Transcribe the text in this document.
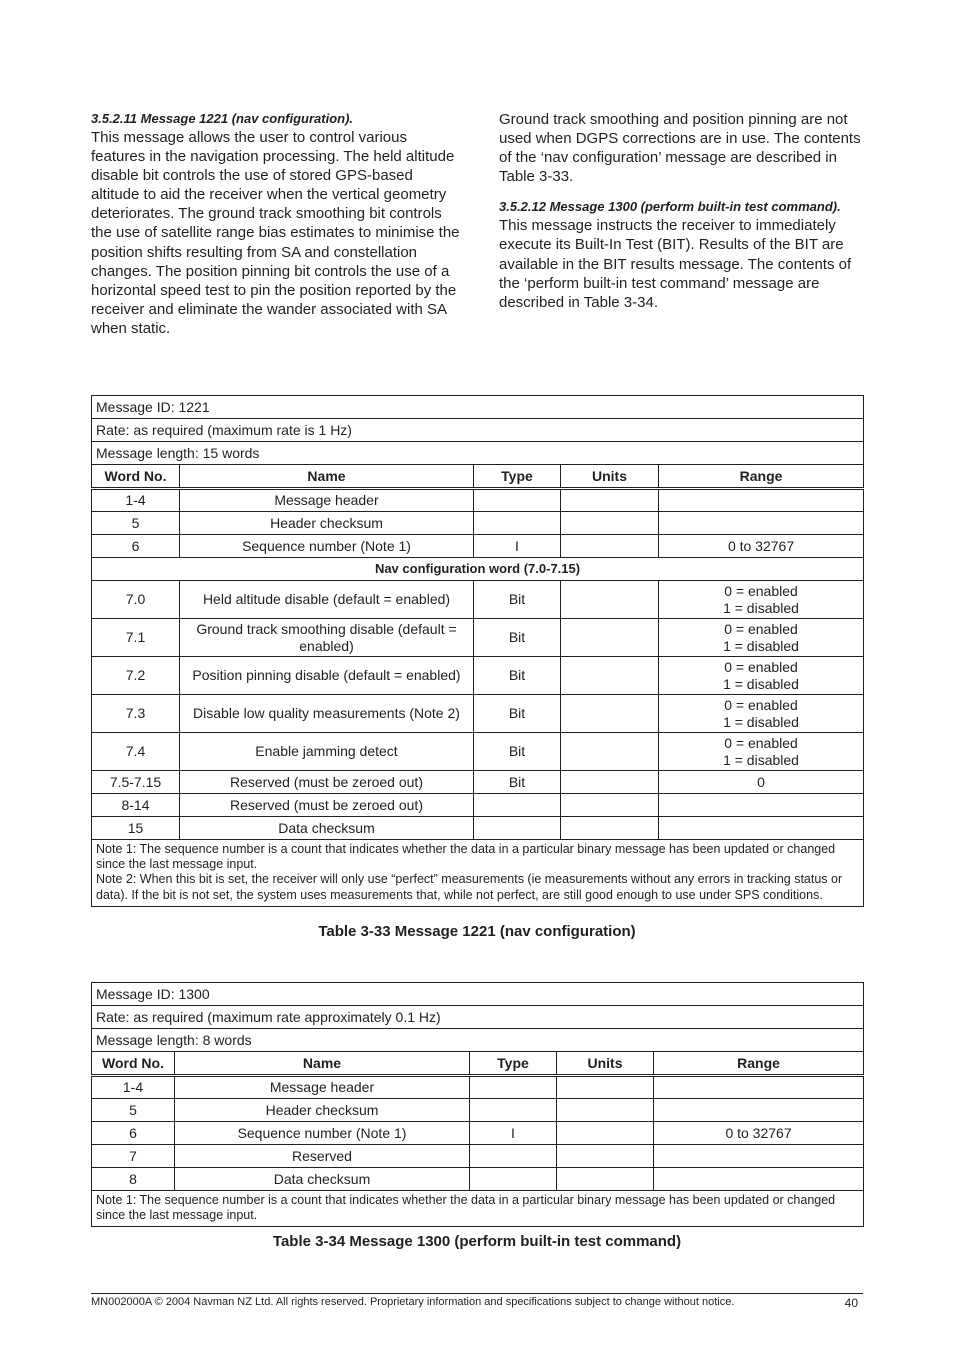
3.5.2.11 Message 1221 (nav configuration).

This message allows the user to control various features in the navigation processing. The held altitude disable bit controls the use of stored GPS-based altitude to aid the receiver when the vertical geometry deteriorates. The ground track smoothing bit controls the use of satellite range bias estimates to minimise the position shifts resulting from SA and constellation changes. The position pinning bit controls the use of a horizontal speed test to pin the position reported by the receiver and eliminate the wander associated with SA when static.

Ground track smoothing and position pinning are not used when DGPS corrections are in use. The contents of the ‘nav configuration’ message are described in Table 3-33.

3.5.2.12 Message 1300 (perform built-in test command).

This message instructs the receiver to immediately execute its Built-In Test (BIT). Results of the BIT are available in the BIT results message. The contents of the ‘perform built-in test command’ message are described in Table 3-34.

Message ID: 1221				
Rate: as required (maximum rate is 1 Hz)				
Message length: 15 words				
Word No.	Name	Type	Units	Range
1-4	Message header			
5	Header checksum			
6	Sequence number (Note 1)	I		0 to 32767
Nav configuration word (7.0-7.15)				
7.0	Held altitude disable (default = enabled)	Bit		0 = enabled
1 = disabled

7.1	Ground track smoothing disable (default = enabled)	Bit		0 = enabled
1 = disabled

7.2	Position pinning disable (default = enabled)	Bit		0 = enabled
1 = disabled

7.3	Disable low quality measurements (Note 2)	Bit		0 = enabled
1 = disabled

7.4	Enable jamming detect	Bit		0 = enabled
1 = disabled

7.5-7.15	Reserved (must be zeroed out)	Bit		0
8-14	Reserved (must be zeroed out)			
15	Data checksum			

Note 1: The sequence number is a count that indicates whether the data in a particular binary message has been updated or changed since the last message input.
Note 2: When this bit is set, the receiver will only use “perfect” measurements (ie measurements without any errors in tracking status or data). If the bit is not set, the system uses measurements that, while not perfect, are still good enough to use under SPS conditions.				
Table 3-33 Message 1221 (nav configuration)
Message ID: 1300				
Rate: as required (maximum rate approximately 0.1 Hz)				
Message length: 8 words				
Word No.	Name	Type	Units	Range
1-4	Message header			
5	Header checksum			
6	Sequence number (Note 1)	I		0 to 32767
7	Reserved			
8	Data checksum			

Note 1: The sequence number is a count that indicates whether the data in a particular binary message has been updated or changed since the last message input.				
Table 3-34 Message 1300 (perform built-in test command)
MN002000A © 2004 Navman NZ Ltd. All rights reserved. Proprietary information and specifications subject to change without notice.	40
